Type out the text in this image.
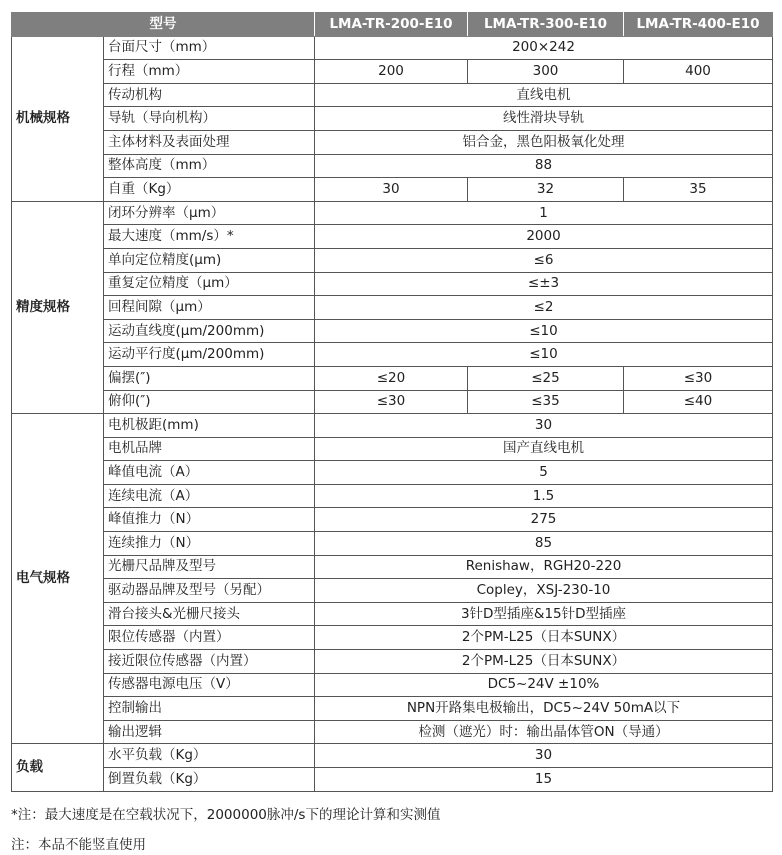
型号		LMA-TR-200-E10	LMA-TR-300-E10	LMA-TR-400-E10
机械规格	台面尺寸（mm）	200×242		
	行程（mm）	200	300	400
	传动机构	直线电机		
	导轨（导向机构）	线性滑块导轨		
	主体材料及表面处理	铝合金，黑色阳极氧化处理		
	整体高度（mm）	88		
	自重（Kg）	30	32	35
精度规格	闭环分辨率（μm）	1		
	最大速度（mm/s）*	2000		
	单向定位精度(μm)	≤6		
	重复定位精度（μm）	≤±3		
	回程间隙（μm）	≤2		
	运动直线度(μm/200mm)	≤10		
	运动平行度(μm/200mm)	≤10		
	偏摆(″)	≤20	≤25	≤30
	俯仰(″)	≤30	≤35	≤40
电气规格	电机极距(mm)	30		
	电机品牌	国产直线电机		
	峰值电流（A）	5		
	连续电流（A）	1.5		
	峰值推力（N）	275		
	连续推力（N）	85		
	光栅尺品牌及型号	Renishaw，RGH20-220		
	驱动器品牌及型号（另配）	Copley，XSJ-230-10		
	滑台接头&光栅尺接头	3针D型插座&15针D型插座		
	限位传感器（内置）	2个PM-L25（日本SUNX）		
	接近限位传感器（内置）	2个PM-L25（日本SUNX）		
	传感器电源电压（V）	DC5~24V ±10%		
	控制输出	NPN开路集电极输出，DC5~24V 50mA以下		
	输出逻辑	检测（遮光）时：输出晶体管ON（导通）		
负载	水平负载（Kg）	30		
	倒置负载（Kg）	15		
*注：最大速度是在空载状况下，2000000脉冲/s下的理论计算和实测值
注：本品不能竖直使用
